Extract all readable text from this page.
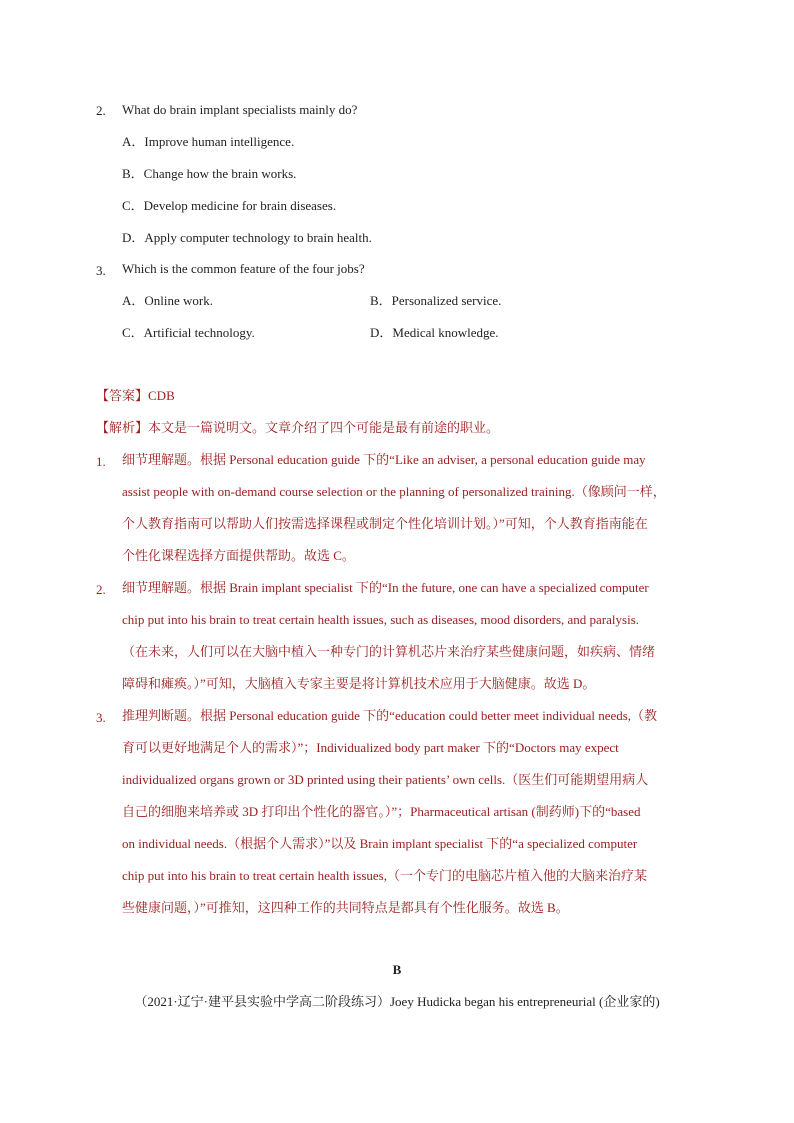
2. What do brain implant specialists mainly do?
A．Improve human intelligence.
B．Change how the brain works.
C．Develop medicine for brain diseases.
D．Apply computer technology to brain health.
3. Which is the common feature of the four jobs?
A．Online work.	B．Personalized service.
C．Artificial technology.	D．Medical knowledge.
【答案】CDB
【解析】本文是一篇说明文。文章介绍了四个可能是最有前途的职业。
1. 细节理解题。根据 Personal education guide 下的“Like an adviser, a personal education guide may
assist people with on-demand course selection or the planning of personalized training.（像顾问一样，
个人教育指南可以帮助人们按需选择课程或制定个性化培训计划。）”可知，个人教育指南能在
个性化课程选择方面提供帮助。故选 C。
2. 细节理解题。根据 Brain implant specialist 下的“In the future, one can have a specialized computer
chip put into his brain to treat certain health issues, such as diseases, mood disorders, and paralysis.
（在未来，人们可以在大脑中植入一种专门的计算机芯片来治疗某些健康问题，如疾病、情绪
障碍和瘫痪。）”可知，大脑植入专家主要是将计算机技术应用于大脑健康。故选 D。
3. 推理判断题。根据 Personal education guide 下的“education could better meet individual needs,（教
育可以更好地满足个人的需求）”；Individualized body part maker 下的“Doctors may expect
individualized organs grown or 3D printed using their patients’ own cells.（医生们可能期望用病人
自己的细胞来培养或 3D 打印出个性化的器官。）”；Pharmaceutical artisan (制药师)下的“based
on individual needs.（根据个人需求）”以及 Brain implant specialist 下的“a specialized computer
chip put into his brain to treat certain health issues,（一个专门的电脑芯片植入他的大脑来治疗某
些健康问题，）”可推知，这四种工作的共同特点是都具有个性化服务。故选 B。
B
（2021·辽宁·建平县实验中学高二阶段练习）Joey Hudicka began his entrepreneurial (企业家的)
